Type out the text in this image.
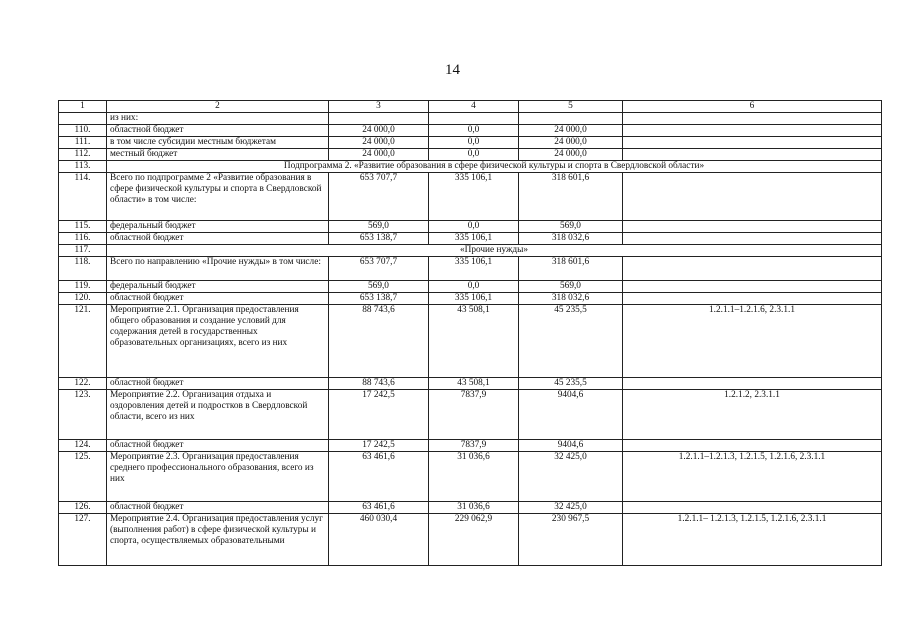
14
1	2	3	4	5	6
	из них:				
110.	областной бюджет	24 000,0	0,0	24 000,0	
111.	в том числе субсидии местным бюджетам	24 000,0	0,0	24 000,0	
112.	местный бюджет	24 000,0	0,0	24 000,0	
113.	Подпрограмма 2. «Развитие образования в сфере физической культуры и спорта в Свердловской области»				
114.	Всего по подпрограмме 2 «Развитие образования в сфере физической культуры и спорта в Свердловской области» в том числе:	653 707,7	335 106,1	318 601,6	
115.	федеральный бюджет	569,0	0,0	569,0	
116.	областной бюджет	653 138,7	335 106,1	318 032,6	
117.	«Прочие нужды»				
118.	Всего по направлению «Прочие нужды» в том числе:	653 707,7	335 106,1	318 601,6	
119.	федеральный бюджет	569,0	0,0	569,0	
120.	областной бюджет	653 138,7	335 106,1	318 032,6	
121.	Мероприятие 2.1. Организация предоставления общего образования и создание условий для содержания детей в государственных образовательных организациях, всего из них	88 743,6	43 508,1	45 235,5	1.2.1.1–1.2.1.6, 2.3.1.1
122.	областной бюджет	88 743,6	43 508,1	45 235,5	
123.	Мероприятие 2.2. Организация отдыха и оздоровления детей и подростков в Свердловской области, всего из них	17 242,5	7837,9	9404,6	1.2.1.2, 2.3.1.1
124.	областной бюджет	17 242,5	7837,9	9404,6	
125.	Мероприятие 2.3. Организация предоставления среднего профессионального образования, всего из них	63 461,6	31 036,6	32 425,0	1.2.1.1–1.2.1.3, 1.2.1.5, 1.2.1.6, 2.3.1.1
126.	областной бюджет	63 461,6	31 036,6	32 425,0	
127.	Мероприятие 2.4. Организация предоставления услуг (выполнения работ) в сфере физической культуры и спорта, осуществляемых образовательными	460 030,4	229 062,9	230 967,5	1.2.1.1– 1.2.1.3, 1.2.1.5, 1.2.1.6, 2.3.1.1
